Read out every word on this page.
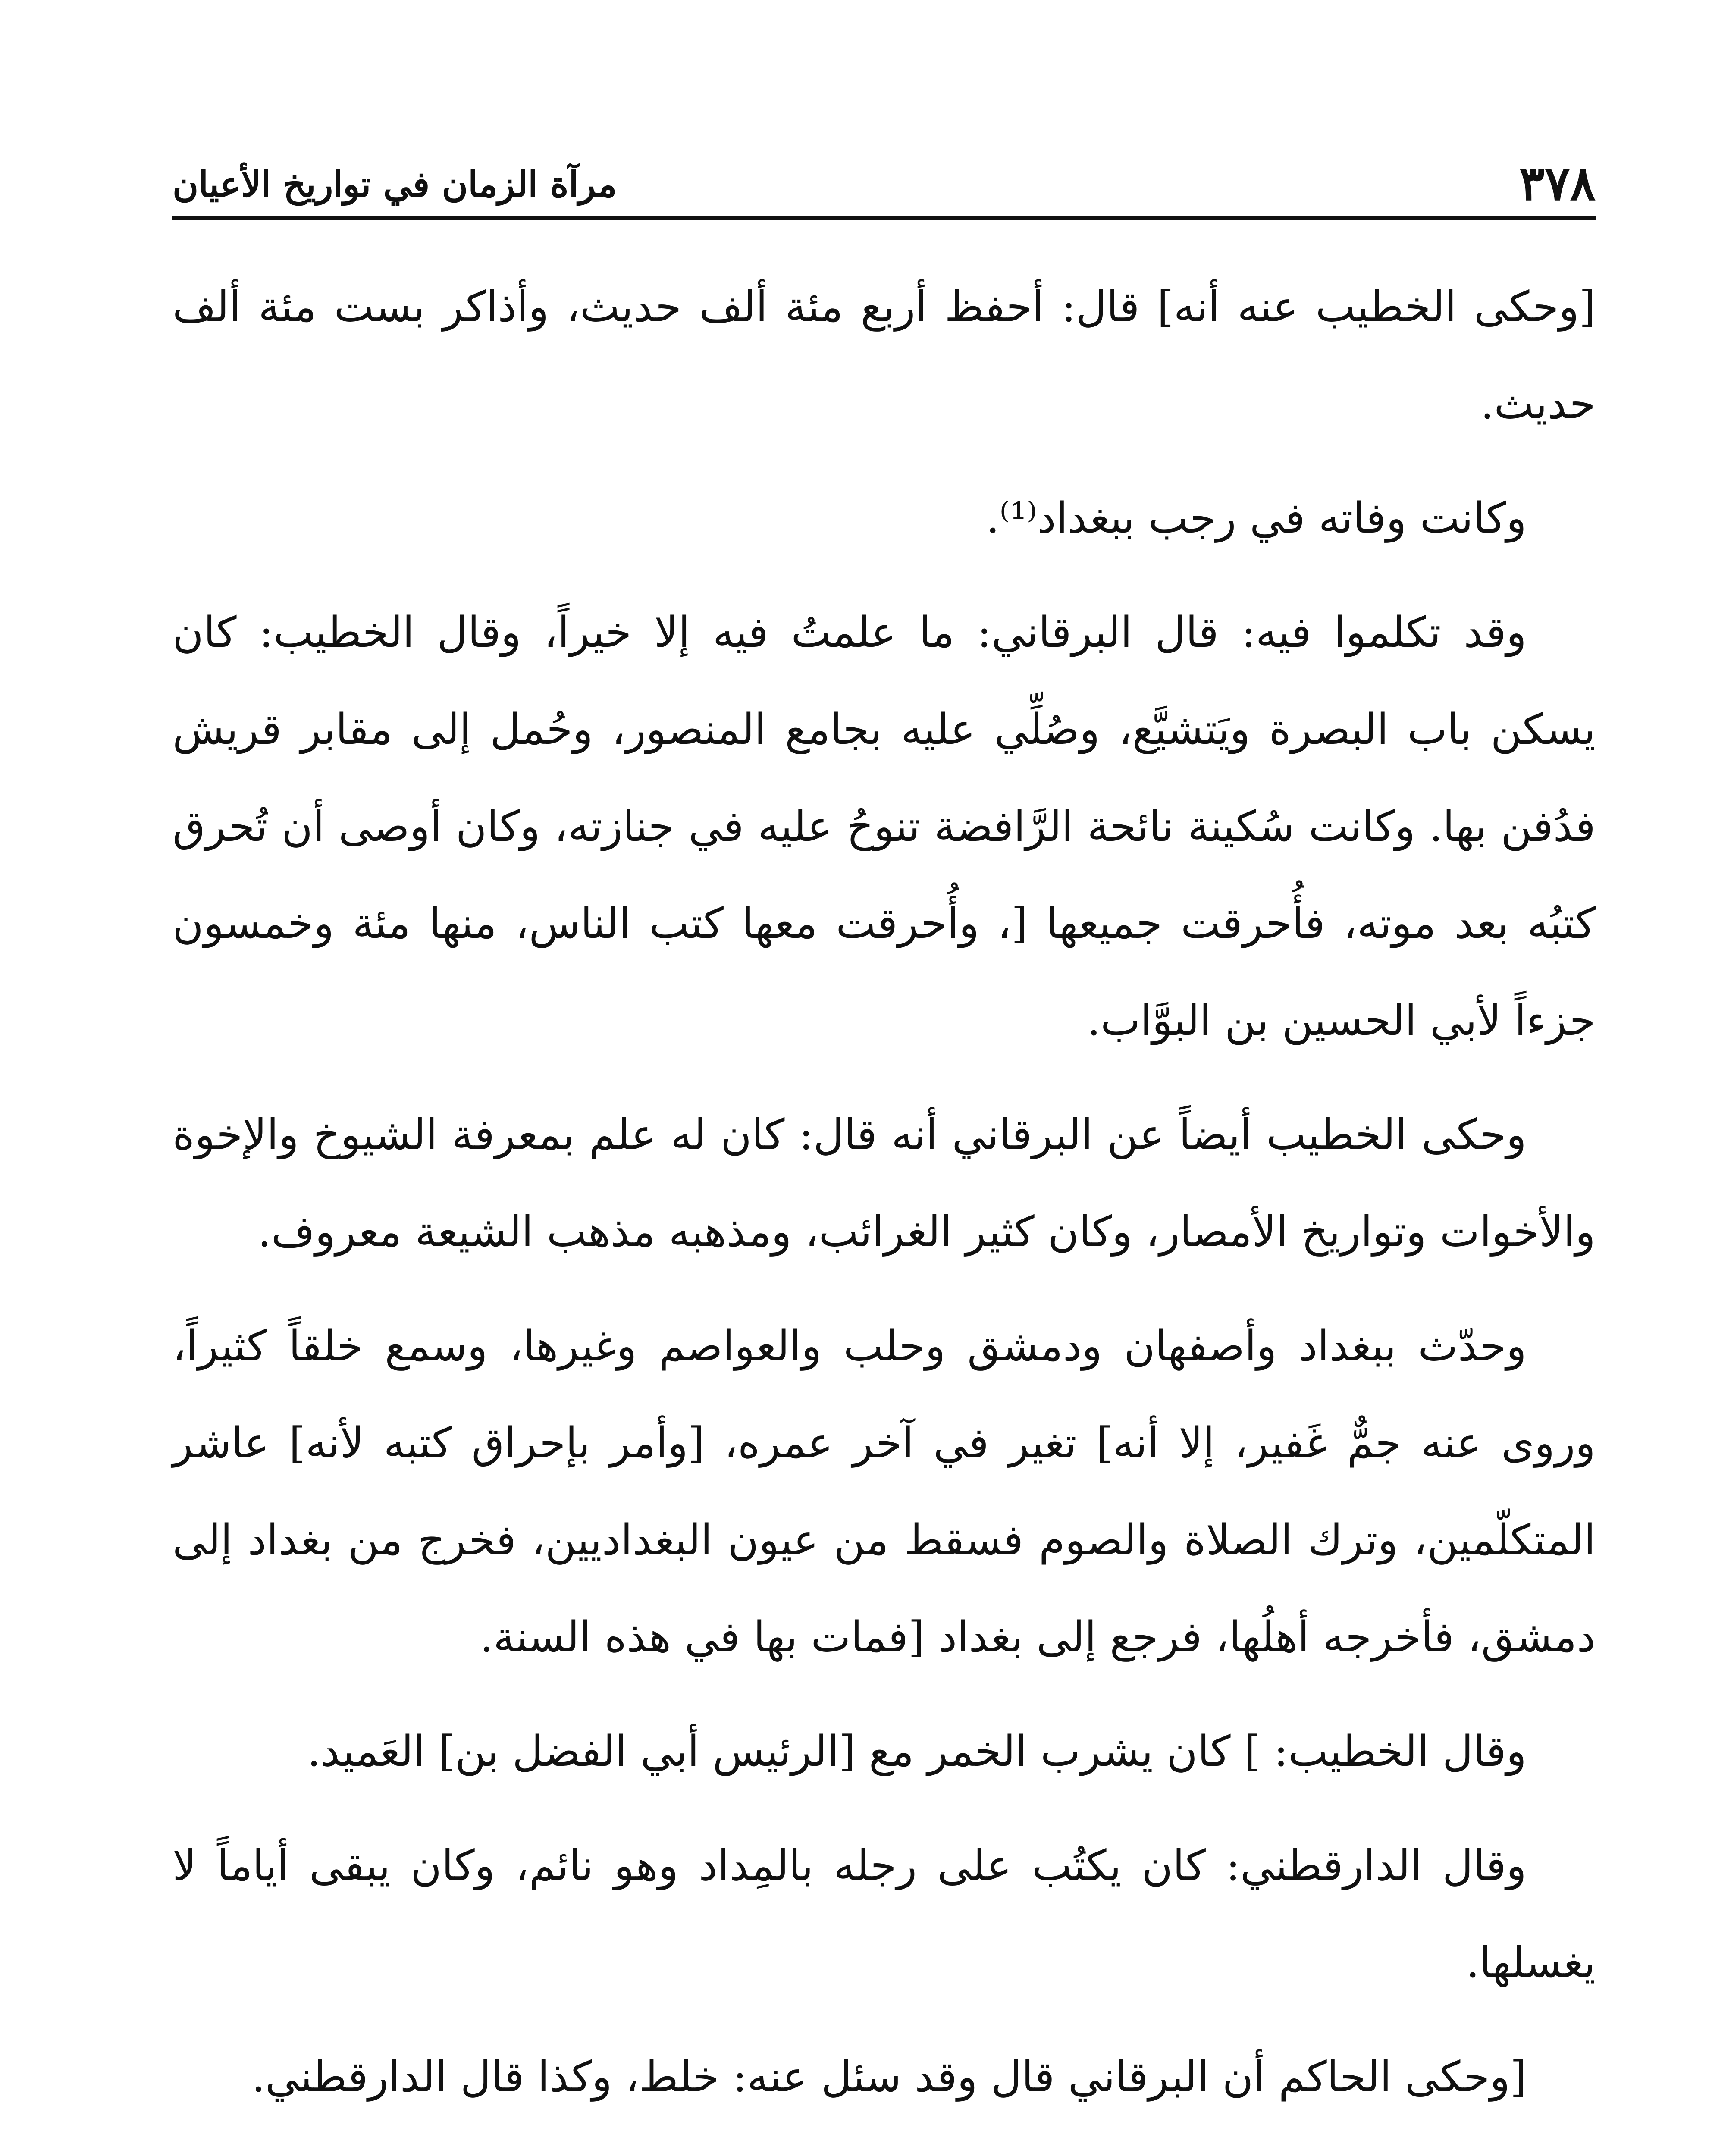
٣٧٨
مرآة الزمان في تواريخ الأعيان

[وحكى الخطيب عنه أنه] قال: أحفظ أربع مئة ألف حديث، وأذاكر بست مئة ألف حديث.

وكانت وفاته في رجب ببغداد⁽¹⁾.

وقد تكلموا فيه: قال البرقاني: ما علمتُ فيه إلا خيراً، وقال الخطيب: كان يسكن باب البصرة ويَتشيَّع، وصُلِّي عليه بجامع المنصور، وحُمل إلى مقابر قريش فدُفن بها. وكانت سُكينة نائحة الرَّافضة تنوحُ عليه في جنازته، وكان أوصى أن تُحرق كتبُه بعد موته، فأُحرقت جميعها [، وأُحرقت معها كتب الناس، منها مئة وخمسون جزءاً لأبي الحسين بن البوَّاب.

وحكى الخطيب أيضاً عن البرقاني أنه قال: كان له علم بمعرفة الشيوخ والإخوة والأخوات وتواريخ الأمصار، وكان كثير الغرائب، ومذهبه مذهب الشيعة معروف.

وحدّث ببغداد وأصفهان ودمشق وحلب والعواصم وغيرها، وسمع خلقاً كثيراً، وروى عنه جمٌّ غَفير، إلا أنه] تغير في آخر عمره، [وأمر بإحراق كتبه لأنه] عاشر المتكلّمين، وترك الصلاة والصوم فسقط من عيون البغداديين، فخرج من بغداد إلى دمشق، فأخرجه أهلُها، فرجع إلى بغداد [فمات بها في هذه السنة.

وقال الخطيب: ] كان يشرب الخمر مع [الرئيس أبي الفضل بن] العَميد.

وقال الدارقطني: كان يكتُب على رجله بالمِداد وهو نائم، وكان يبقى أياماً لا يغسلها.

[وحكى الحاكم أن البرقاني قال وقد سئل عنه: خلط، وكذا قال الدارقطني.
